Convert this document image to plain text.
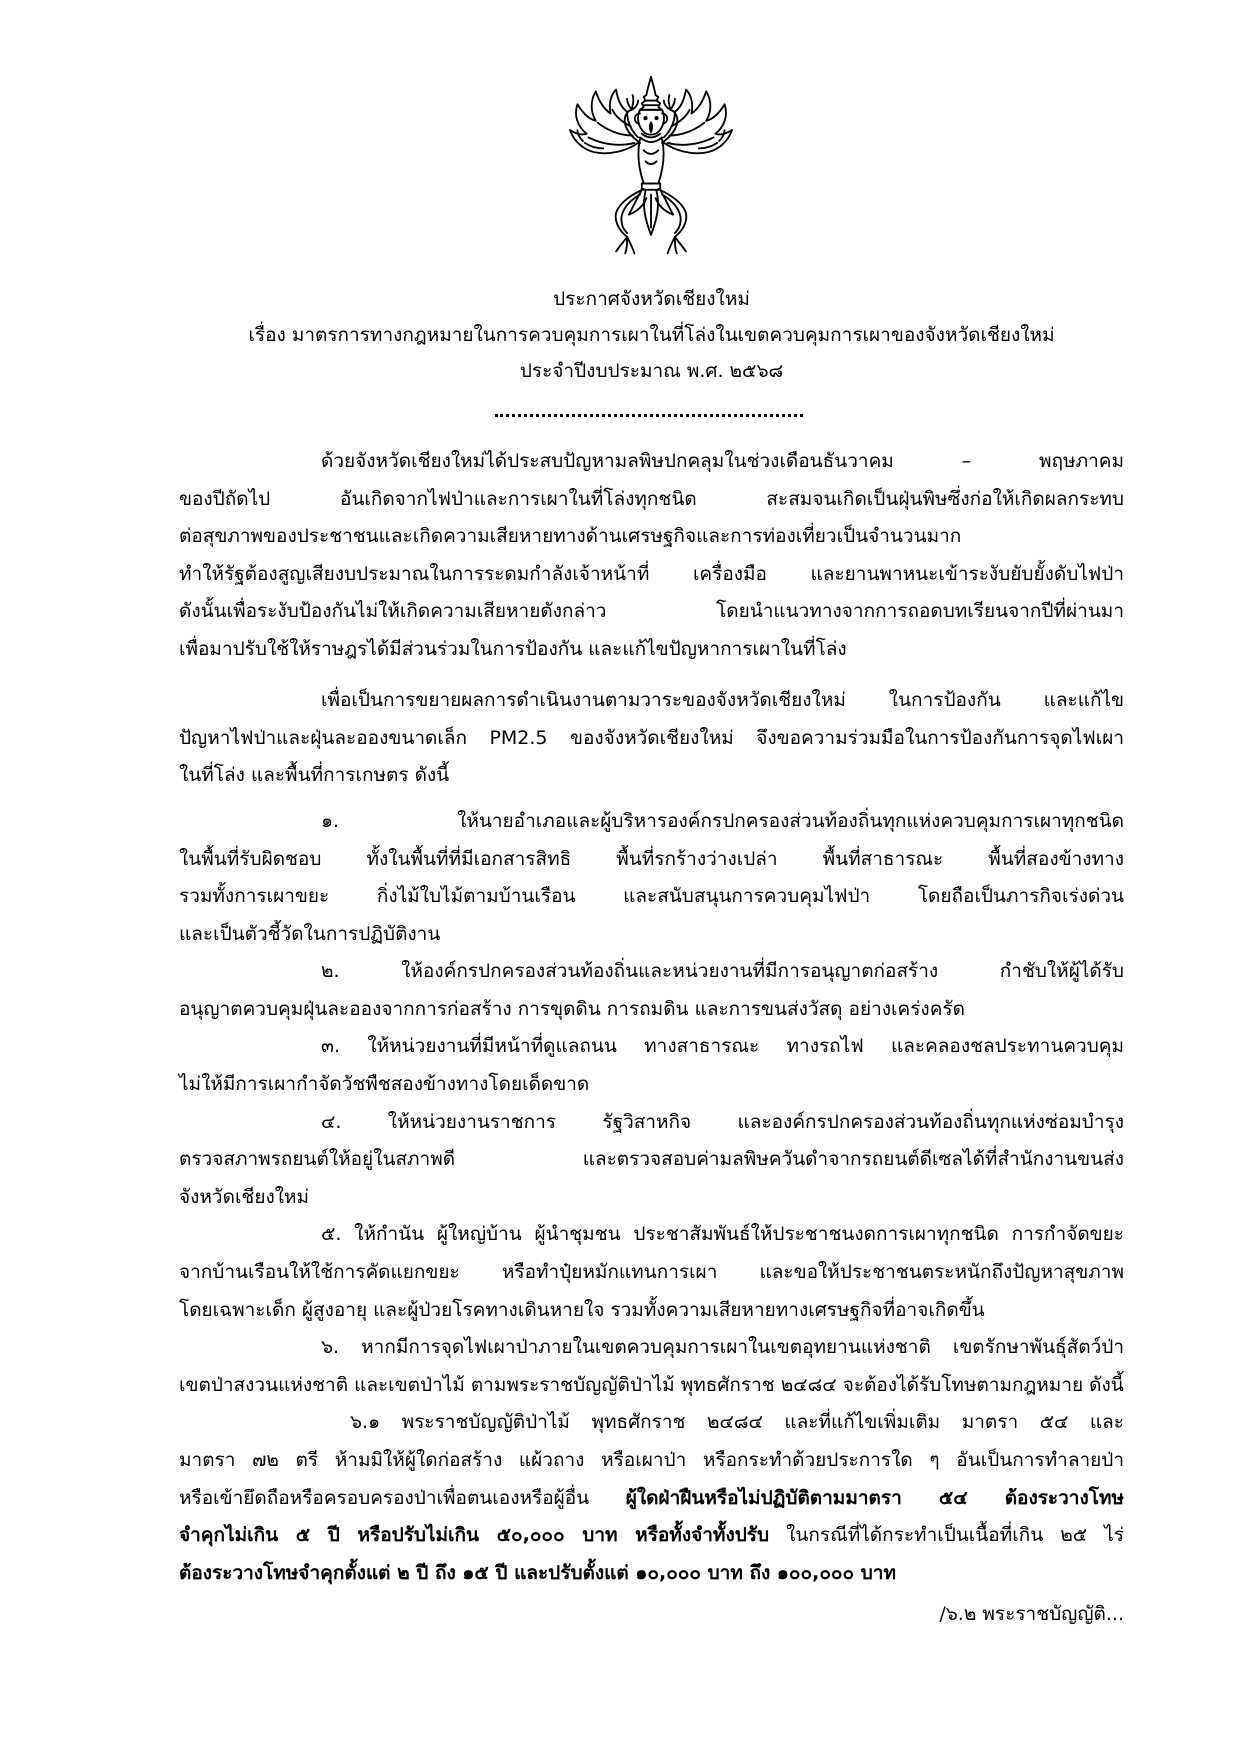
ประกาศจังหวัดเชียงใหม่
เรื่อง มาตรการทางกฎหมายในการควบคุมการเผาในที่โล่งในเขตควบคุมการเผาของจังหวัดเชียงใหม่
ประจำปีงบประมาณ พ.ศ. ๒๕๖๘
ด้วยจังหวัดเชียงใหม่ได้ประสบปัญหามลพิษปกคลุมในช่วงเดือนธันวาคม – พฤษภาคม
ของปีถัดไป อันเกิดจากไฟป่าและการเผาในที่โล่งทุกชนิด สะสมจนเกิดเป็นฝุ่นพิษซึ่งก่อให้เกิดผลกระทบ
ต่อสุขภาพของประชาชนและเกิดความเสียหายทางด้านเศรษฐกิจและการท่องเที่ยวเป็นจำนวนมาก
ทำให้รัฐต้องสูญเสียงบประมาณในการระดมกำลังเจ้าหน้าที่ เครื่องมือ และยานพาหนะเข้าระงับยับยั้งดับไฟป่า
ดังนั้นเพื่อระงับป้องกันไม่ให้เกิดความเสียหายดังกล่าว โดยนำแนวทางจากการถอดบทเรียนจากปีที่ผ่านมา
เพื่อมาปรับใช้ให้ราษฎรได้มีส่วนร่วมในการป้องกัน และแก้ไขปัญหาการเผาในที่โล่ง
เพื่อเป็นการขยายผลการดำเนินงานตามวาระของจังหวัดเชียงใหม่ ในการป้องกัน และแก้ไข
ปัญหาไฟป่าและฝุ่นละอองขนาดเล็ก PM2.5 ของจังหวัดเชียงใหม่ จึงขอความร่วมมือในการป้องกันการจุดไฟเผา
ในที่โล่ง และพื้นที่การเกษตร ดังนี้
๑. ให้นายอำเภอและผู้บริหารองค์กรปกครองส่วนท้องถิ่นทุกแห่งควบคุมการเผาทุกชนิด
ในพื้นที่รับผิดชอบ ทั้งในพื้นที่ที่มีเอกสารสิทธิ พื้นที่รกร้างว่างเปล่า พื้นที่สาธารณะ พื้นที่สองข้างทาง
รวมทั้งการเผาขยะ กิ่งไม้ใบไม้ตามบ้านเรือน และสนับสนุนการควบคุมไฟป่า โดยถือเป็นภารกิจเร่งด่วน
และเป็นตัวชี้วัดในการปฏิบัติงาน
๒. ให้องค์กรปกครองส่วนท้องถิ่นและหน่วยงานที่มีการอนุญาตก่อสร้าง กำชับให้ผู้ได้รับ
อนุญาตควบคุมฝุ่นละอองจากการก่อสร้าง การขุดดิน การถมดิน และการขนส่งวัสดุ อย่างเคร่งครัด
๓. ให้หน่วยงานที่มีหน้าที่ดูแลถนน ทางสาธารณะ ทางรถไฟ และคลองชลประทานควบคุม
ไม่ให้มีการเผากำจัดวัชพืชสองข้างทางโดยเด็ดขาด
๔. ให้หน่วยงานราชการ รัฐวิสาหกิจ และองค์กรปกครองส่วนท้องถิ่นทุกแห่งซ่อมบำรุง
ตรวจสภาพรถยนต์ให้อยู่ในสภาพดี และตรวจสอบค่ามลพิษควันดำจากรถยนต์ดีเซลได้ที่สำนักงานขนส่ง
จังหวัดเชียงใหม่
๕. ให้กำนัน ผู้ใหญ่บ้าน ผู้นำชุมชน ประชาสัมพันธ์ให้ประชาชนงดการเผาทุกชนิด การกำจัดขยะ
จากบ้านเรือนให้ใช้การคัดแยกขยะ หรือทำปุ๋ยหมักแทนการเผา และขอให้ประชาชนตระหนักถึงปัญหาสุขภาพ
โดยเฉพาะเด็ก ผู้สูงอายุ และผู้ป่วยโรคทางเดินหายใจ รวมทั้งความเสียหายทางเศรษฐกิจที่อาจเกิดขึ้น
๖. หากมีการจุดไฟเผาป่าภายในเขตควบคุมการเผาในเขตอุทยานแห่งชาติ เขตรักษาพันธุ์สัตว์ป่า
เขตป่าสงวนแห่งชาติ และเขตป่าไม้ ตามพระราชบัญญัติป่าไม้ พุทธศักราช ๒๔๘๔ จะต้องได้รับโทษตามกฎหมาย ดังนี้
๖.๑ พระราชบัญญัติป่าไม้ พุทธศักราช ๒๔๘๔ และที่แก้ไขเพิ่มเติม มาตรา ๕๔ และ
มาตรา ๗๒ ตรี ห้ามมิให้ผู้ใดก่อสร้าง แผ้วถาง หรือเผาป่า หรือกระทำด้วยประการใด ๆ อันเป็นการทำลายป่า
หรือเข้ายึดถือหรือครอบครองป่าเพื่อตนเองหรือผู้อื่น ผู้ใดฝ่าฝืนหรือไม่ปฏิบัติตามมาตรา ๕๔ ต้องระวางโทษ
จำคุกไม่เกิน ๕ ปี หรือปรับไม่เกิน ๕๐,๐๐๐ บาท หรือทั้งจำทั้งปรับ ในกรณีที่ได้กระทำเป็นเนื้อที่เกิน ๒๕ ไร่
ต้องระวางโทษจำคุกตั้งแต่ ๒ ปี ถึง ๑๕ ปี และปรับตั้งแต่ ๑๐,๐๐๐ บาท ถึง ๑๐๐,๐๐๐ บาท
/๖.๒ พระราชบัญญัติ...
